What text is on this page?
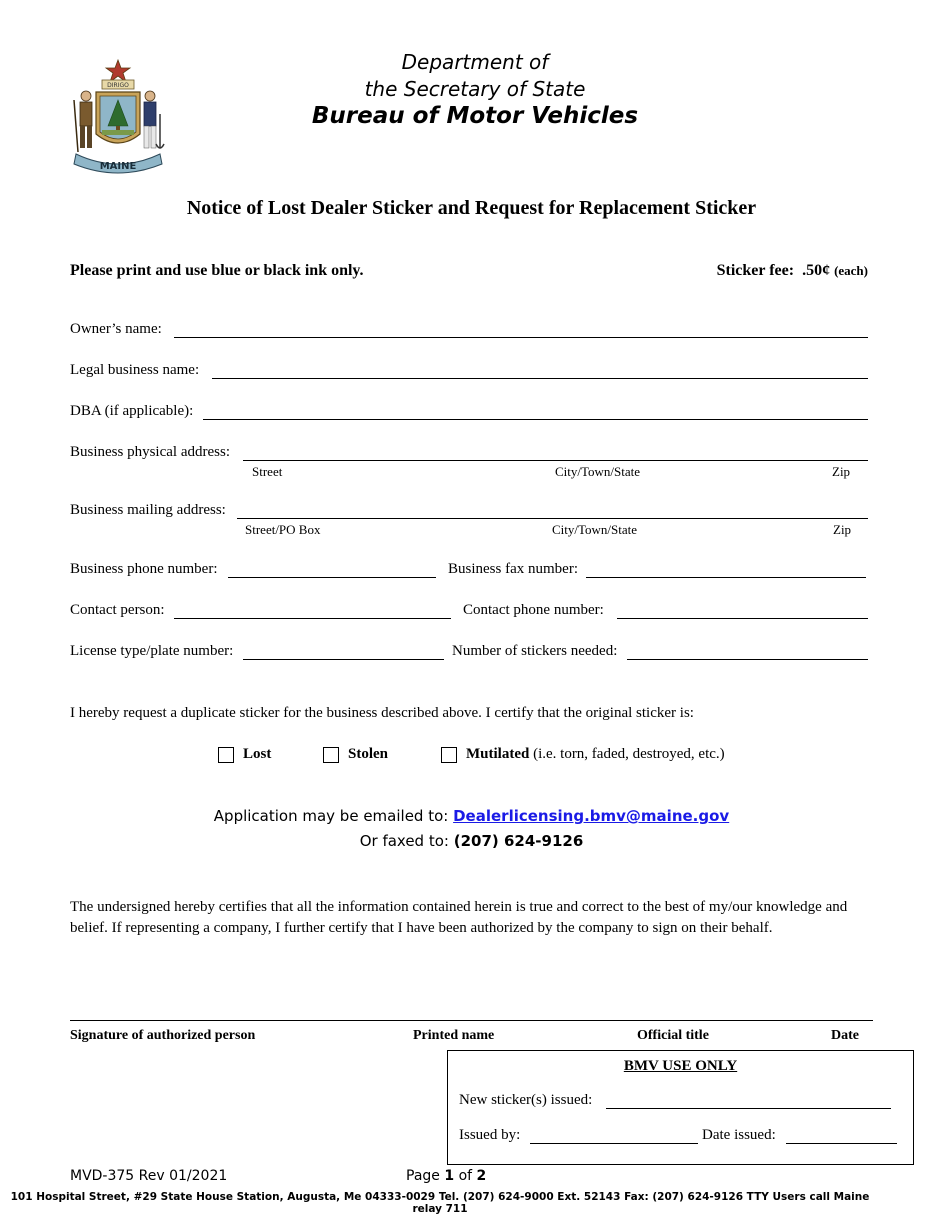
DIRIGO
MAINE
Department of
the Secretary of State
Bureau of Motor Vehicles
Notice of Lost Dealer Sticker and Request for Replacement Sticker
Please print and use blue or black ink only.	Sticker fee: .50¢ (each)
Owner’s name:
Legal business name:
DBA (if applicable):
Business physical address:
Street	City/Town/State	Zip
Business mailing address:
Street/PO Box	City/Town/State	Zip
Business phone number:	Business fax number:
Contact person:	Contact phone number:
License type/plate number:	Number of stickers needed:
I hereby request a duplicate sticker for the business described above. I certify that the original sticker is:
Lost	Stolen	Mutilated (i.e. torn, faded, destroyed, etc.)
Application may be emailed to: Dealerlicensing.bmv@maine.gov
Or faxed to: (207) 624-9126
The undersigned hereby certifies that all the information contained herein is true and correct to the best of my/our knowledge and belief. If representing a company, I further certify that I have been authorized by the company to sign on their behalf.
Signature of authorized person	Printed name	Official title	Date
BMV USE ONLY
New sticker(s) issued:
Issued by:	Date issued:
MVD-375 Rev 01/2021	Page 1 of 2
101 Hospital Street, #29 State House Station, Augusta, Me 04333-0029 Tel. (207) 624-9000 Ext. 52143 Fax: (207) 624-9126 TTY Users call Maine relay 711
